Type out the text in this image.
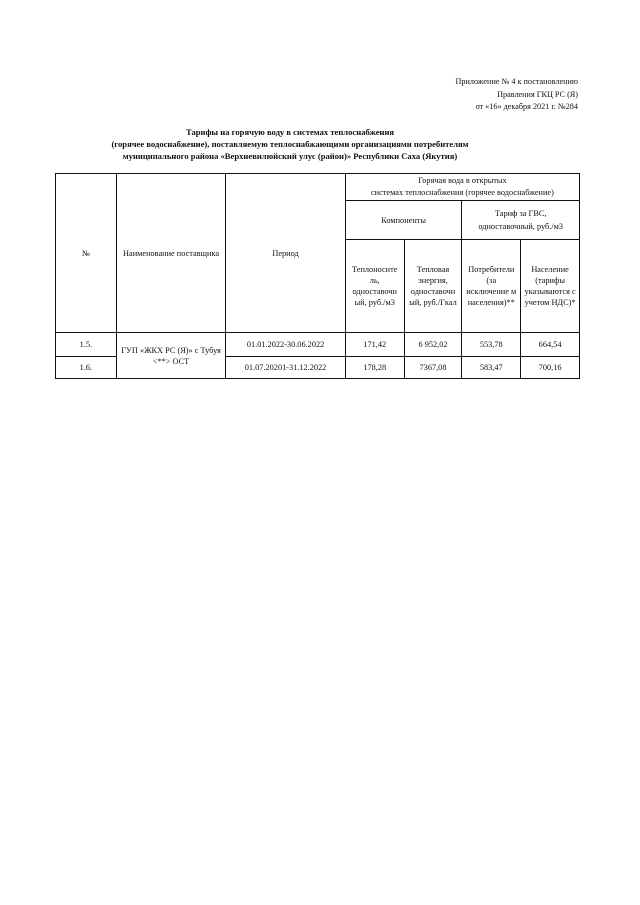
Приложение № 4 к постановлению
Правления ГКЦ РС (Я)
от «16» декабря 2021 г. №284
Тарифы на горячую воду в системах теплоснабжения
(горячее водоснабжение), поставляемую теплоснабжающими организациями потребителям
муниципального района «Верхневилюйский улус (район)» Республики Саха (Якутия)
№	Наименование поставщика	Период	Горячая вода в открытых
системах теплоснабжения (горячее водоснабжение)			

			Компоненты		Тариф за ГВС,
одноставочный, руб./м3	

			Теплоносите ль, одноставочн ый, руб./м3	Тепловая энергия, одноставочн ый, руб./Гкал	Потребители (за исключение м населения)**	Население (тарифы указываются с учетом НДС)*
1.5.	ГУП «ЖКХ РС (Я)» с Тубуя <**> ОСТ	01.01.2022-30.06.2022	171,42	6 952,02	553,78	664,54
1.6.		01.07.20201-31.12.2022	178,28	7367,08	583,47	700,16
